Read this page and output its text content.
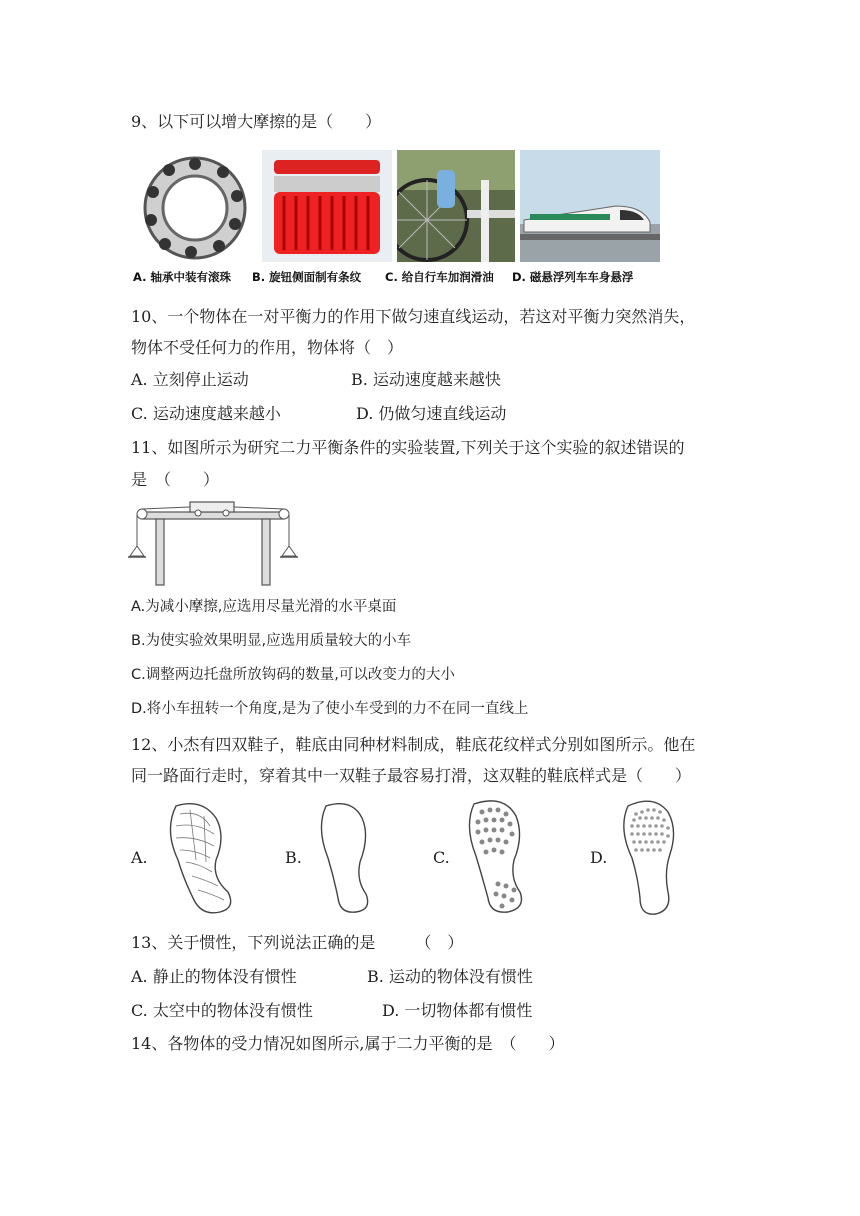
9、以下可以增大摩擦的是（　　）
A. 轴承中装有滚珠 B. 旋钮侧面制有条纹 C. 给自行车加润滑油 D. 磁悬浮列车车身悬浮
10、一个物体在一对平衡力的作用下做匀速直线运动，若这对平衡力突然消失，
物体不受任何力的作用，物体将（　）
A. 立刻停止运动	B. 运动速度越来越快
C. 运动速度越来越小	D. 仍做匀速直线运动
11、如图所示为研究二力平衡条件的实验装置,下列关于这个实验的叙述错误的
是　（　　）
A.为减小摩擦,应选用尽量光滑的水平桌面
B.为使实验效果明显,应选用质量较大的小车
C.调整两边托盘所放钩码的数量,可以改变力的大小
D.将小车扭转一个角度,是为了使小车受到的力不在同一直线上
12、小杰有四双鞋子，鞋底由同种材料制成，鞋底花纹样式分别如图所示。他在
同一路面行走时，穿着其中一双鞋子最容易打滑，这双鞋的鞋底样式是（　　）
A.	B.	C.	D.
13、关于惯性，下列说法正确的是　　　（　）
A. 静止的物体没有惯性	B. 运动的物体没有惯性
C. 太空中的物体没有惯性	D. 一切物体都有惯性
14、各物体的受力情况如图所示,属于二力平衡的是　（　　）
